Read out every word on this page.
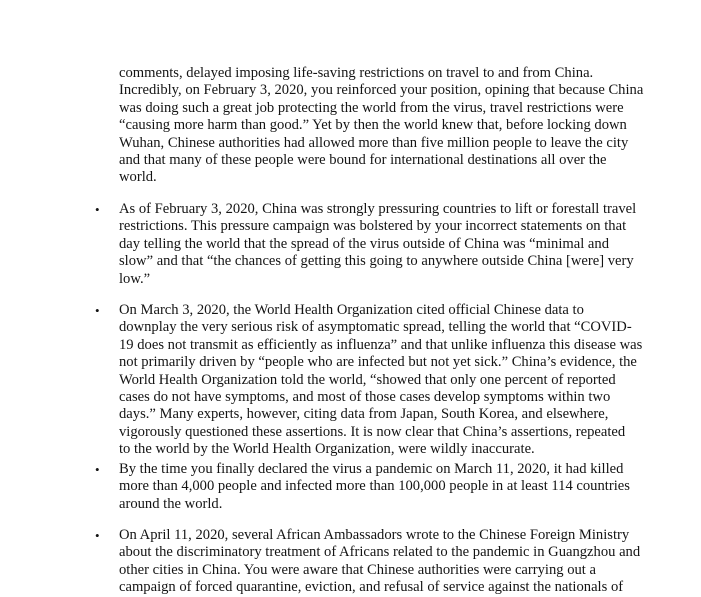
comments, delayed imposing life-saving restrictions on travel to and from China.
Incredibly, on February 3, 2020, you reinforced your position, opining that because China
was doing such a great job protecting the world from the virus, travel restrictions were
“causing more harm than good.” Yet by then the world knew that, before locking down
Wuhan, Chinese authorities had allowed more than five million people to leave the city
and that many of these people were bound for international destinations all over the
world.

• As of February 3, 2020, China was strongly pressuring countries to lift or forestall travel
restrictions. This pressure campaign was bolstered by your incorrect statements on that
day telling the world that the spread of the virus outside of China was “minimal and
slow” and that “the chances of getting this going to anywhere outside China [were] very
low.”

• On March 3, 2020, the World Health Organization cited official Chinese data to
downplay the very serious risk of asymptomatic spread, telling the world that “COVID-
19 does not transmit as efficiently as influenza” and that unlike influenza this disease was
not primarily driven by “people who are infected but not yet sick.” China’s evidence, the
World Health Organization told the world, “showed that only one percent of reported
cases do not have symptoms, and most of those cases develop symptoms within two
days.” Many experts, however, citing data from Japan, South Korea, and elsewhere,
vigorously questioned these assertions. It is now clear that China’s assertions, repeated
to the world by the World Health Organization, were wildly inaccurate.

• By the time you finally declared the virus a pandemic on March 11, 2020, it had killed
more than 4,000 people and infected more than 100,000 people in at least 114 countries
around the world.

• On April 11, 2020, several African Ambassadors wrote to the Chinese Foreign Ministry
about the discriminatory treatment of Africans related to the pandemic in Guangzhou and
other cities in China. You were aware that Chinese authorities were carrying out a
campaign of forced quarantine, eviction, and refusal of service against the nationals of
